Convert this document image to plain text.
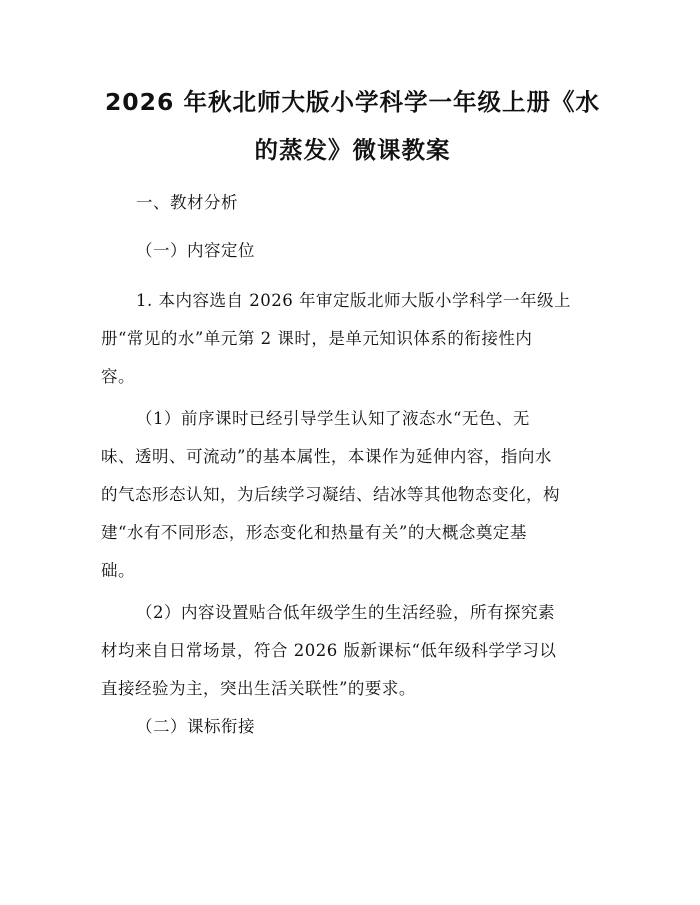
2026 年秋北师大版小学科学一年级上册《水
的蒸发》微课教案

一、教材分析

（一）内容定位

1. 本内容选自 2026 年审定版北师大版小学科学一年级上
册“常见的水”单元第 2 课时，是单元知识体系的衔接性内
容。

（1）前序课时已经引导学生认知了液态水“无色、无
味、透明、可流动”的基本属性，本课作为延伸内容，指向水
的气态形态认知，为后续学习凝结、结冰等其他物态变化，构
建“水有不同形态，形态变化和热量有关”的大概念奠定基
础。

（2）内容设置贴合低年级学生的生活经验，所有探究素
材均来自日常场景，符合 2026 版新课标“低年级科学学习以
直接经验为主，突出生活关联性”的要求。

（二）课标衔接
